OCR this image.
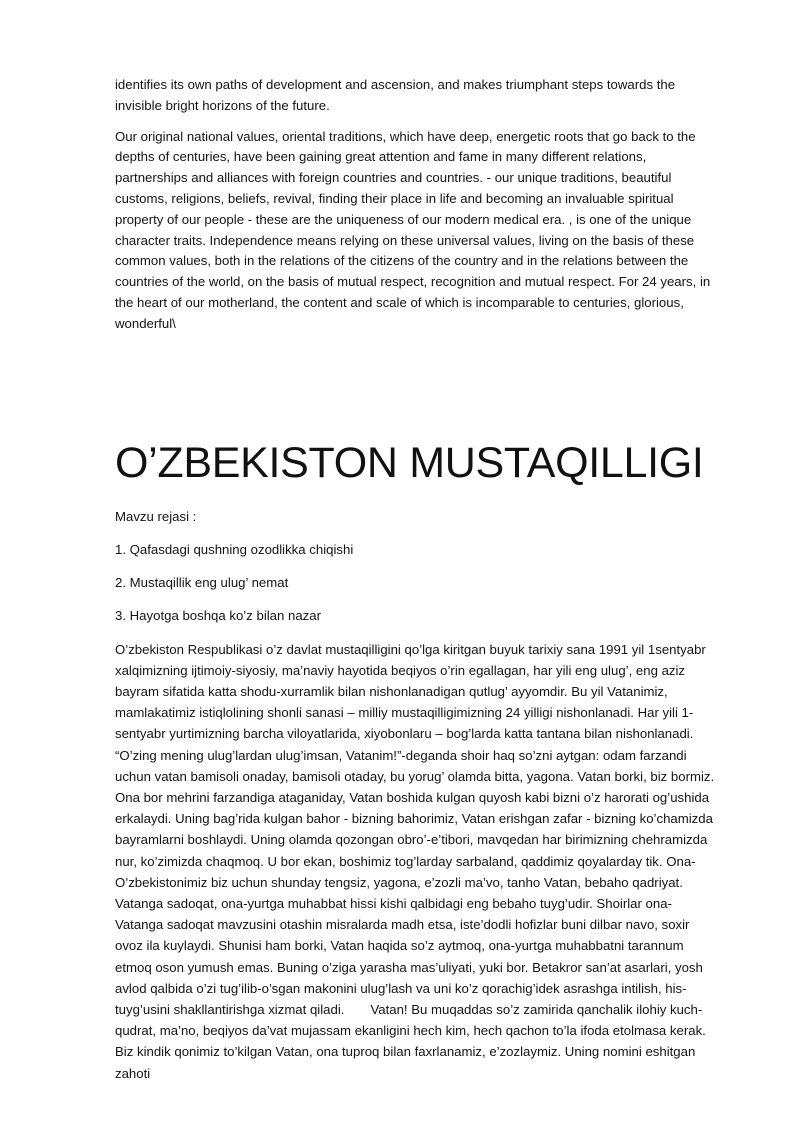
identifies its own paths of development and ascension, and makes triumphant steps towards the invisible bright horizons of the future.

Our original national values, oriental traditions, which have deep, energetic roots that go back to the depths of centuries, have been gaining great attention and fame in many different relations, partnerships and alliances with foreign countries and countries. - our unique traditions, beautiful customs, religions, beliefs, revival, finding their place in life and becoming an invaluable spiritual property of our people - these are the uniqueness of our modern medical era. , is one of the unique character traits. Independence means relying on these universal values, living on the basis of these common values, both in the relations of the citizens of the country and in the relations between the countries of the world, on the basis of mutual respect, recognition and mutual respect. For 24 years, in the heart of our motherland, the content and scale of which is incomparable to centuries, glorious, wonderful\

O’ZBEKISTON MUSTAQILLIGI

Mavzu rejasi :

1. Qafasdagi qushning ozodlikka chiqishi

2. Mustaqillik eng ulug’ nemat

3. Hayotga boshqa ko’z bilan nazar

O’zbekiston Respublikasi o’z davlat mustaqilligini qo’lga kiritgan buyuk tarixiy sana 1991 yil 1sentyabr xalqimizning ijtimoiy-siyosiy, ma’naviy hayotida beqiyos o’rin egallagan, har yili eng ulug’, eng aziz bayram sifatida katta shodu-xurramlik bilan nishonlanadigan qutlug’ ayyomdir. Bu yil Vatanimiz, mamlakatimiz istiqlolining shonli sanasi – milliy mustaqilligimizning 24 yilligi nishonlanadi. Har yili 1-sentyabr yurtimizning barcha viloyatlarida, xiyobonlaru – bog’larda katta tantana bilan nishonlanadi. “O’zing mening ulug’lardan ulug’imsan, Vatanim!”-deganda shoir haq so’zni aytgan: odam farzandi uchun vatan bamisoli onaday, bamisoli otaday, bu yorug’ olamda bitta, yagona. Vatan borki, biz bormiz. Ona bor mehrini farzandiga ataganiday, Vatan boshida kulgan quyosh kabi bizni o’z harorati og’ushida erkalaydi. Uning bag’rida kulgan bahor - bizning bahorimiz, Vatan erishgan zafar - bizning ko’chamizda bayramlarni boshlaydi. Uning olamda qozongan obro’-e’tibori, mavqedan har birimizning chehramizda nur, ko’zimizda chaqmoq. U bor ekan, boshimiz tog’larday sarbaland, qaddimiz qoyalarday tik. Ona-O’zbekistonimiz biz uchun shunday tengsiz, yagona, e’zozli ma’vo, tanho Vatan, bebaho qadriyat. Vatanga sadoqat, ona-yurtga muhabbat hissi kishi qalbidagi eng bebaho tuyg’udir. Shoirlar ona-Vatanga sadoqat mavzusini otashin misralarda madh etsa, iste’dodli hofizlar buni dilbar navo, soxir ovoz ila kuylaydi. Shunisi ham borki, Vatan haqida so’z aytmoq, ona-yurtga muhabbatni tarannum etmoq oson yumush emas. Buning o’ziga yarasha mas’uliyati, yuki bor. Betakror san’at asarlari, yosh avlod qalbida o’zi tug’ilib-o’sgan makonini ulug’lash va uni ko’z qorachig’idek asrashga intilish, his-tuyg’usini shakllantirishga xizmat qiladi. Vatan! Bu muqaddas so’z zamirida qanchalik ilohiy kuch-qudrat, ma’no, beqiyos da’vat mujassam ekanligini hech kim, hech qachon to’la ifoda etolmasa kerak. Biz kindik qonimiz to’kilgan Vatan, ona tuproq bilan faxrlanamiz, e’zozlaymiz. Uning nomini eshitgan zahoti
